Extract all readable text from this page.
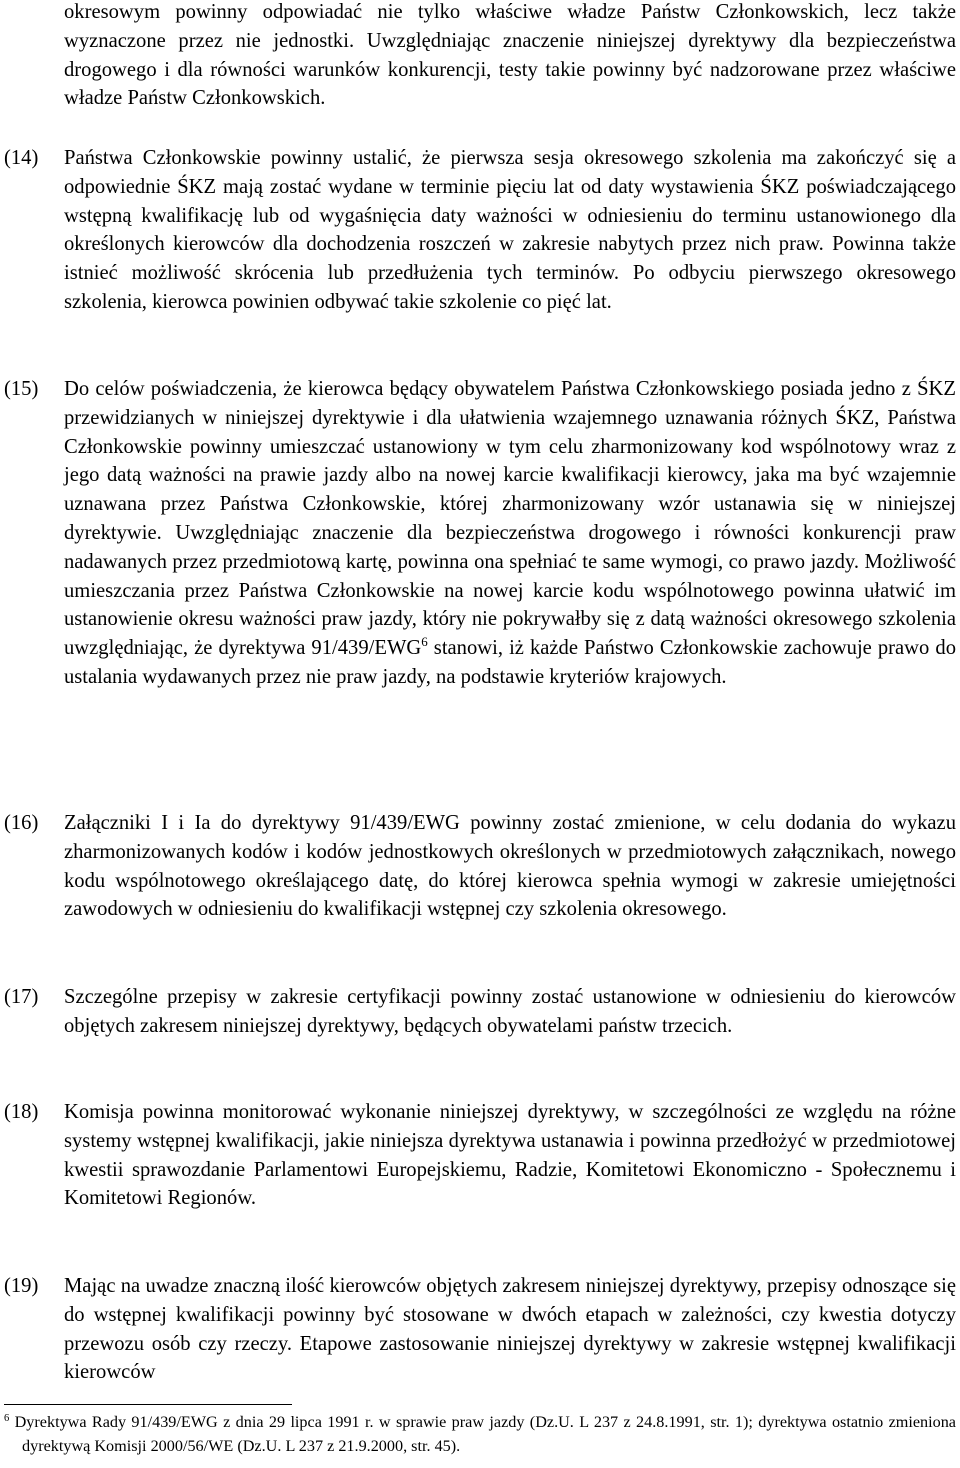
okresowym powinny odpowiadać nie tylko właściwe władze Państw Członkowskich, lecz także wyznaczone przez nie jednostki. Uwzględniając znaczenie niniejszej dyrektywy dla bezpieczeństwa drogowego i dla równości warunków konkurencji, testy takie powinny być nadzorowane przez właściwe władze Państw Członkowskich.
(14) Państwa Członkowskie powinny ustalić, że pierwsza sesja okresowego szkolenia ma zakończyć się a odpowiednie ŚKZ mają zostać wydane w terminie pięciu lat od daty wystawienia ŚKZ poświadczającego wstępną kwalifikację lub od wygaśnięcia daty ważności w odniesieniu do terminu ustanowionego dla określonych kierowców dla dochodzenia roszczeń w zakresie nabytych przez nich praw. Powinna także istnieć możliwość skrócenia lub przedłużenia tych terminów. Po odbyciu pierwszego okresowego szkolenia, kierowca powinien odbywać takie szkolenie co pięć lat.
(15) Do celów poświadczenia, że kierowca będący obywatelem Państwa Członkowskiego posiada jedno z ŚKZ przewidzianych w niniejszej dyrektywie i dla ułatwienia wzajemnego uznawania różnych ŚKZ, Państwa Członkowskie powinny umieszczać ustanowiony w tym celu zharmonizowany kod wspólnotowy wraz z jego datą ważności na prawie jazdy albo na nowej karcie kwalifikacji kierowcy, jaka ma być wzajemnie uznawana przez Państwa Członkowskie, której zharmonizowany wzór ustanawia się w niniejszej dyrektywie. Uwzględniając znaczenie dla bezpieczeństwa drogowego i równości konkurencji praw nadawanych przez przedmiotową kartę, powinna ona spełniać te same wymogi, co prawo jazdy. Możliwość umieszczania przez Państwa Członkowskie na nowej karcie kodu wspólnotowego powinna ułatwić im ustanowienie okresu ważności praw jazdy, który nie pokrywałby się z datą ważności okresowego szkolenia uwzględniając, że dyrektywa 91/439/EWG$^6$ stanowi, iż każde Państwo Członkowskie zachowuje prawo do ustalania wydawanych przez nie praw jazdy, na podstawie kryteriów krajowych.
(16) Załączniki I i Ia do dyrektywy 91/439/EWG powinny zostać zmienione, w celu dodania do wykazu zharmonizowanych kodów i kodów jednostkowych określonych w przedmiotowych załącznikach, nowego kodu wspólnotowego określającego datę, do której kierowca spełnia wymogi w zakresie umiejętności zawodowych w odniesieniu do kwalifikacji wstępnej czy szkolenia okresowego.
(17) Szczególne przepisy w zakresie certyfikacji powinny zostać ustanowione w odniesieniu do kierowców objętych zakresem niniejszej dyrektywy, będących obywatelami państw trzecich.
(18) Komisja powinna monitorować wykonanie niniejszej dyrektywy, w szczególności ze względu na różne systemy wstępnej kwalifikacji, jakie niniejsza dyrektywa ustanawia i powinna przedłożyć w przedmiotowej kwestii sprawozdanie Parlamentowi Europejskiemu, Radzie, Komitetowi Ekonomiczno - Społecznemu i Komitetowi Regionów.
(19) Mając na uwadze znaczną ilość kierowców objętych zakresem niniejszej dyrektywy, przepisy odnoszące się do wstępnej kwalifikacji powinny być stosowane w dwóch etapach w zależności, czy kwestia dotyczy przewozu osób czy rzeczy. Etapowe zastosowanie niniejszej dyrektywy w zakresie wstępnej kwalifikacji kierowców
$^6$ Dyrektywa Rady 91/439/EWG z dnia 29 lipca 1991 r. w sprawie praw jazdy (Dz.U. L 237 z 24.8.1991, str. 1); dyrektywa ostatnio zmieniona dyrektywą Komisji 2000/56/WE (Dz.U. L 237 z 21.9.2000, str. 45).
